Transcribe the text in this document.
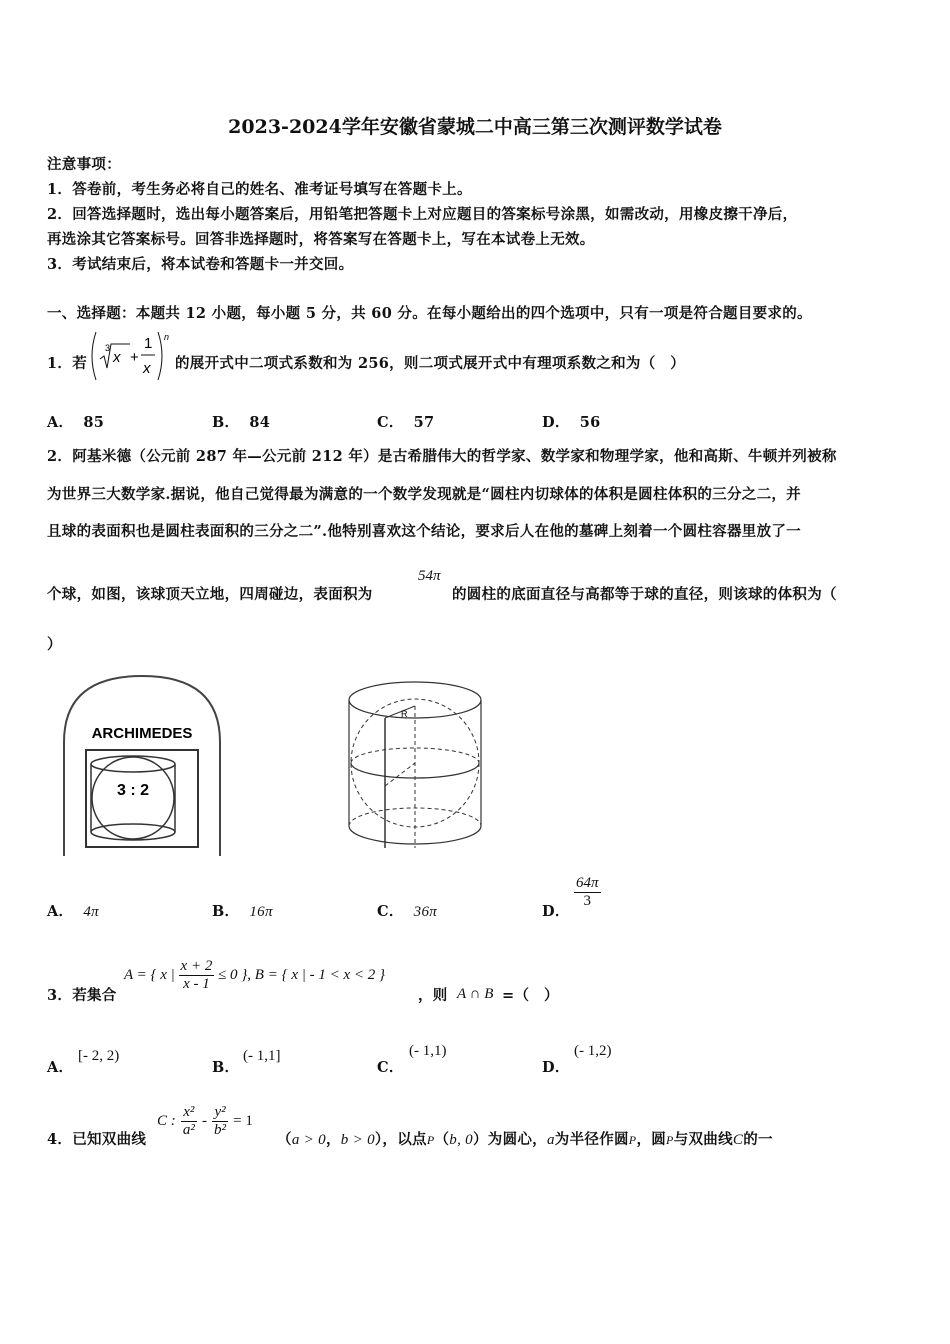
2023-2024学年安徽省蒙城二中高三第三次测评数学试卷
注意事项：
1．答卷前，考生务必将自己的姓名、准考证号填写在答题卡上。
2．回答选择题时，选出每小题答案后，用铅笔把答题卡上对应题目的答案标号涂黑，如需改动，用橡皮擦干净后，
再选涂其它答案标号。回答非选择题时，将答案写在答题卡上，写在本试卷上无效。
3．考试结束后，将本试卷和答题卡一并交回。
一、选择题：本题共 12 小题，每小题 5 分，共 60 分。在每小题给出的四个选项中，只有一项是符合题目要求的。
1．若
3
x +
1
x
n
的展开式中二项式系数和为 256，则二项式展开式中有理项系数之和为（　）
A． 85	B． 84	C． 57	D． 56
2．阿基米德（公元前 287 年—公元前 212 年）是古希腊伟大的哲学家、数学家和物理学家，他和高斯、牛顿并列被称
为世界三大数学家.据说，他自己觉得最为满意的一个数学发现就是“圆柱内切球体的体积是圆柱体积的三分之二，并
且球的表面积也是圆柱表面积的三分之二”.他特别喜欢这个结论，要求后人在他的墓碑上刻着一个圆柱容器里放了一
个球，如图，该球顶天立地，四周碰边，表面积为
54π
的圆柱的底面直径与高都等于球的直径，则该球的体积为（
）
ARCHIMEDES
3 : 2
R
A． 4π	B． 16π	C． 36π	D．
$\frac{64\pi}{3}$
3．若集合
A = { x | $\frac{x + 2}{x - 1} \le 0$ }, B = { x | - 1 < x < 2 }
，则 A ∩ B =（　）
A．
[- 2, 2)
B．
(- 1,1]
C．
(- 1,1)
D．
(- 1,2)
4．已知双曲线
C : $\frac{\text{x²}}{\text{a²}} - \frac{\text{y²}}{\text{b²}} = 1$
（a > 0，b > 0），以点P（b, 0）为圆心，a为半径作圆P，圆P与双曲线C的一
